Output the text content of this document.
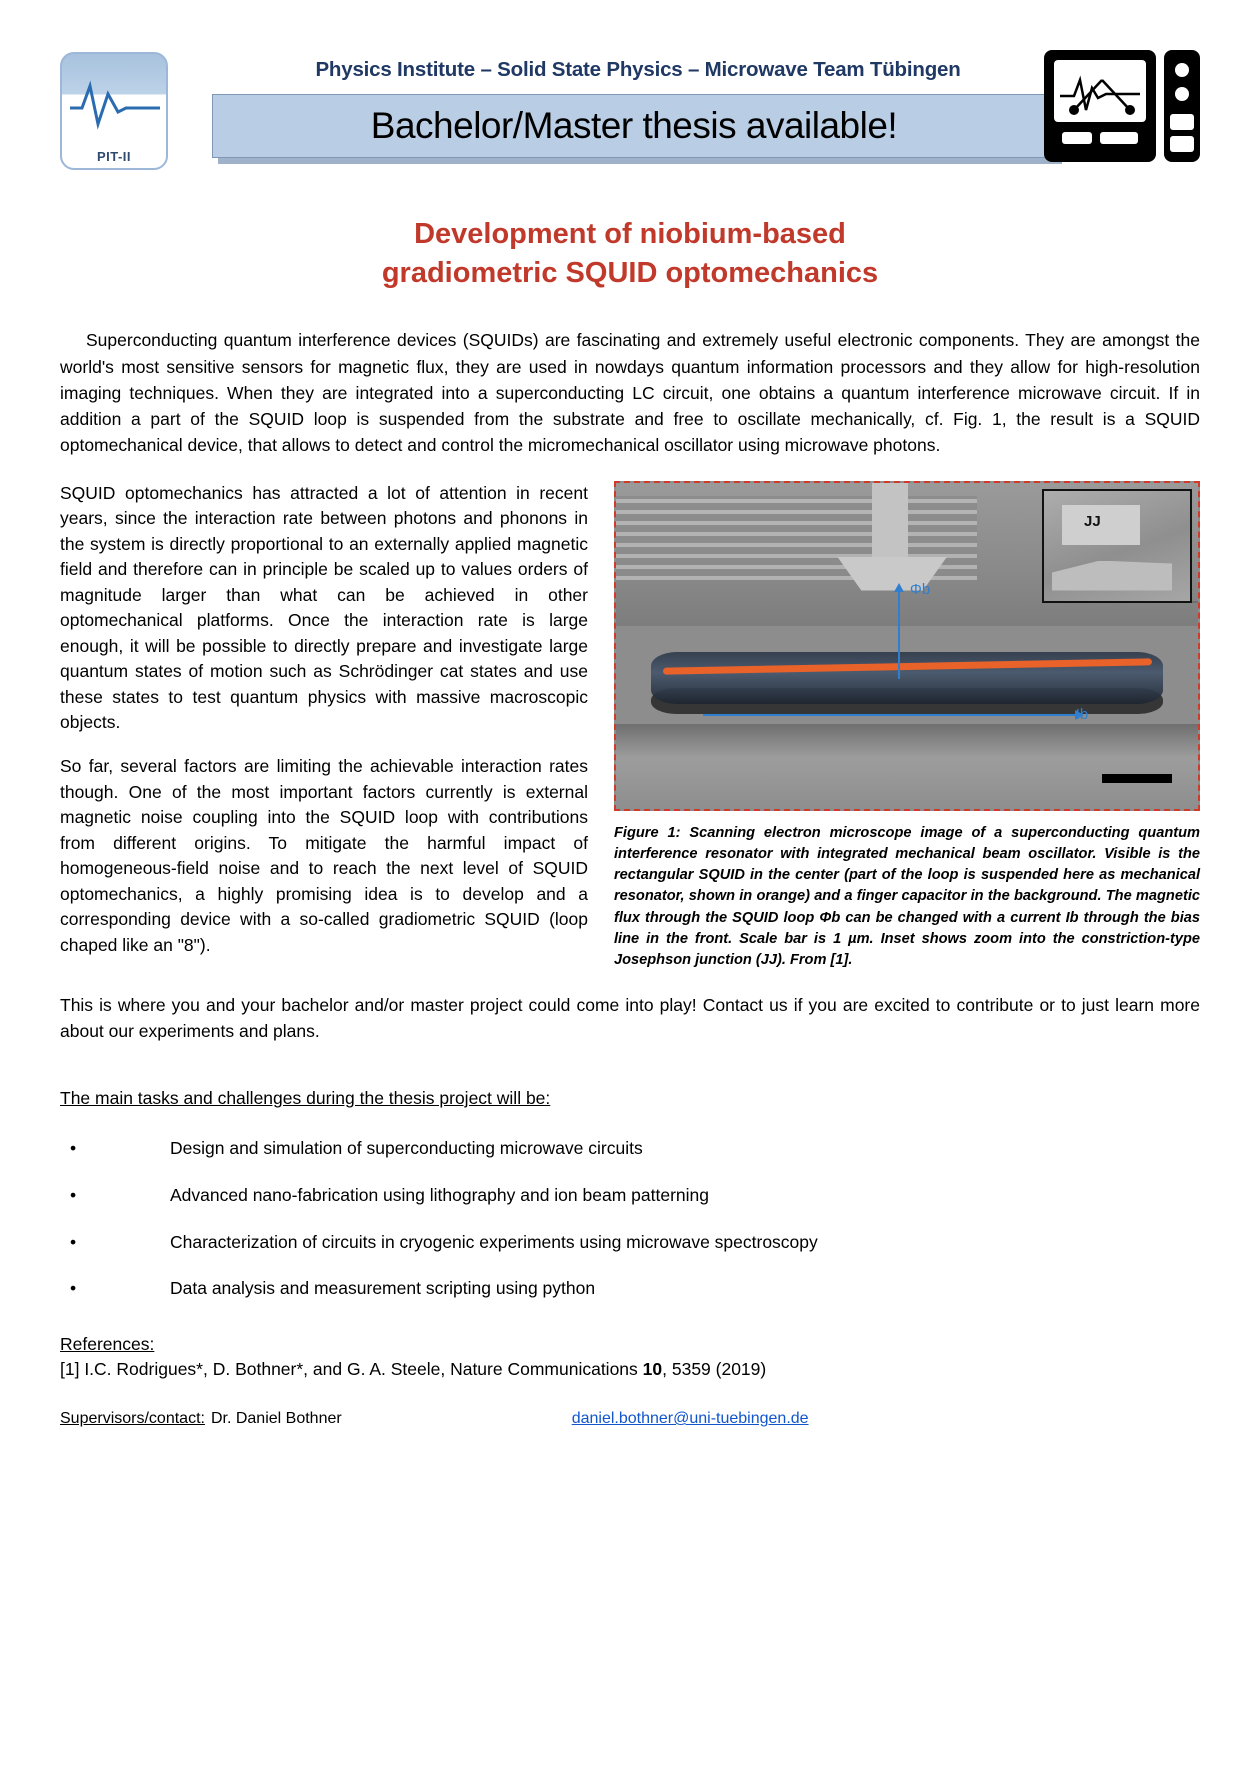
PIT-II
Physics Institute – Solid State Physics – Microwave Team Tübingen
Bachelor/Master thesis available!
Development of niobium-based
gradiometric SQUID optomechanics
Superconducting quantum interference devices (SQUIDs) are fascinating and extremely useful electronic components. They are amongst the world's most sensitive sensors for magnetic flux, they are used in nowdays quantum information processors and they allow for high-resolution imaging techniques. When they are integrated into a superconducting LC circuit, one obtains a quantum interference microwave circuit. If in addition a part of the SQUID loop is suspended from the substrate and free to oscillate mechanically, cf. Fig. 1, the result is a SQUID optomechanical device, that allows to detect and control the micromechanical oscillator using microwave photons.
SQUID optomechanics has attracted a lot of attention in recent years, since the interaction rate between photons and phonons in the system is directly proportional to an externally applied magnetic field and therefore can in principle be scaled up to values orders of magnitude larger than what can be achieved in other optomechanical platforms. Once the interaction rate is large enough, it will be possible to directly prepare and investigate large quantum states of motion such as Schrödinger cat states and use these states to test quantum physics with massive macroscopic objects.
So far, several factors are limiting the achievable interaction rates though. One of the most important factors currently is external magnetic noise coupling into the SQUID loop with contributions from different origins. To mitigate the harmful impact of homogeneous-field noise and to reach the next level of SQUID optomechanics, a highly promising idea is to develop and a corresponding device with a so-called gradiometric SQUID (loop chaped like an "8").
Φb
Ib
JJ
Figure 1: Scanning electron microscope image of a superconducting quantum interference resonator with integrated mechanical beam oscillator. Visible is the rectangular SQUID in the center (part of the loop is suspended here as mechanical resonator, shown in orange) and a finger capacitor in the background. The magnetic flux through the SQUID loop Φb can be changed with a current Ib through the bias line in the front. Scale bar is 1 µm. Inset shows zoom into the constriction-type Josephson junction (JJ). From [1].
This is where you and your bachelor and/or master project could come into play! Contact us if you are excited to contribute or to just learn more about our experiments and plans.
The main tasks and challenges during the thesis project will be:
•	Design and simulation of superconducting microwave circuits
•	Advanced nano-fabrication using lithography and ion beam patterning
•	Characterization of circuits in cryogenic experiments using microwave spectroscopy
•	Data analysis and measurement scripting using python
References:
[1] I.C. Rodrigues*, D. Bothner*, and G. A. Steele, Nature Communications 10, 5359 (2019)
Supervisors/contact: Dr. Daniel Bothner	daniel.bothner@uni-tuebingen.de
